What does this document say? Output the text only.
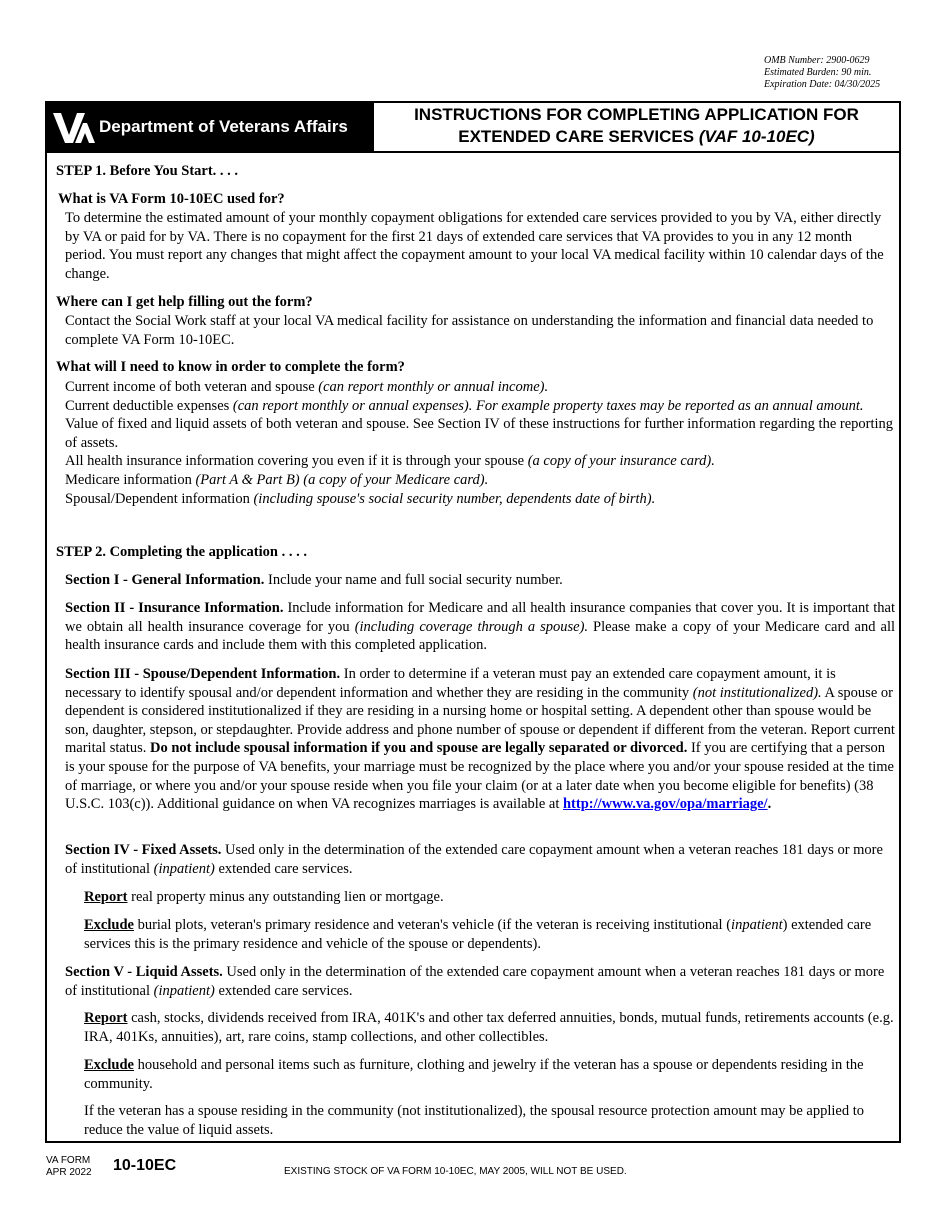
OMB Number: 2900-0629
Estimated Burden: 90 min.
Expiration Date: 04/30/2025
Department of Veterans Affairs
INSTRUCTIONS FOR COMPLETING APPLICATION FOR
EXTENDED CARE SERVICES (VAF 10-10EC)
STEP 1. Before You Start. . . .
What is VA Form 10-10EC used for?
To determine the estimated amount of your monthly copayment obligations for extended care services provided to you by VA, either directly by VA or paid for by VA. There is no copayment for the first 21 days of extended care services that VA provides to you in any 12 month period. You must report any changes that might affect the copayment amount to your local VA medical facility within 10 calendar days of the change.
Where can I get help filling out the form?
Contact the Social Work staff at your local VA medical facility for assistance on understanding the information and financial data needed to complete VA Form 10-10EC.
What will I need to know in order to complete the form?
Current income of both veteran and spouse (can report monthly or annual income).
Current deductible expenses (can report monthly or annual expenses). For example property taxes may be reported as an annual amount.
Value of fixed and liquid assets of both veteran and spouse. See Section IV of these instructions for further information regarding the reporting of assets.
All health insurance information covering you even if it is through your spouse (a copy of your insurance card).
Medicare information (Part A & Part B) (a copy of your Medicare card).
Spousal/Dependent information (including spouse's social security number, dependents date of birth).
STEP 2. Completing the application . . . .
Section I - General Information. Include your name and full social security number.
Section II - Insurance Information. Include information for Medicare and all health insurance companies that cover you. It is important that we obtain all health insurance coverage for you (including coverage through a spouse). Please make a copy of your Medicare card and all health insurance cards and include them with this completed application.
Section III - Spouse/Dependent Information. In order to determine if a veteran must pay an extended care copayment amount, it is necessary to identify spousal and/or dependent information and whether they are residing in the community (not institutionalized). A spouse or dependent is considered institutionalized if they are residing in a nursing home or hospital setting. A dependent other than spouse would be son, daughter, stepson, or stepdaughter. Provide address and phone number of spouse or dependent if different from the veteran. Report current marital status. Do not include spousal information if you and spouse are legally separated or divorced. If you are certifying that a person is your spouse for the purpose of VA benefits, your marriage must be recognized by the place where you and/or your spouse resided at the time of marriage, or where you and/or your spouse reside when you file your claim (or at a later date when you become eligible for benefits) (38 U.S.C. 103(c)). Additional guidance on when VA recognizes marriages is available at http://www.va.gov/opa/marriage/.
Section IV - Fixed Assets. Used only in the determination of the extended care copayment amount when a veteran reaches 181 days or more of institutional (inpatient) extended care services.
Report real property minus any outstanding lien or mortgage.
Exclude burial plots, veteran's primary residence and veteran's vehicle (if the veteran is receiving institutional (inpatient) extended care services this is the primary residence and vehicle of the spouse or dependents).
Section V - Liquid Assets. Used only in the determination of the extended care copayment amount when a veteran reaches 181 days or more of institutional (inpatient) extended care services.
Report cash, stocks, dividends received from IRA, 401K's and other tax deferred annuities, bonds, mutual funds, retirements accounts (e.g. IRA, 401Ks, annuities), art, rare coins, stamp collections, and other collectibles.
Exclude household and personal items such as furniture, clothing and jewelry if the veteran has a spouse or dependents residing in the community.
If the veteran has a spouse residing in the community (not institutionalized), the spousal resource protection amount may be applied to reduce the value of liquid assets.
VA FORM
APR 2022 10-10EC	EXISTING STOCK OF VA FORM 10-10EC, MAY 2005, WILL NOT BE USED.
